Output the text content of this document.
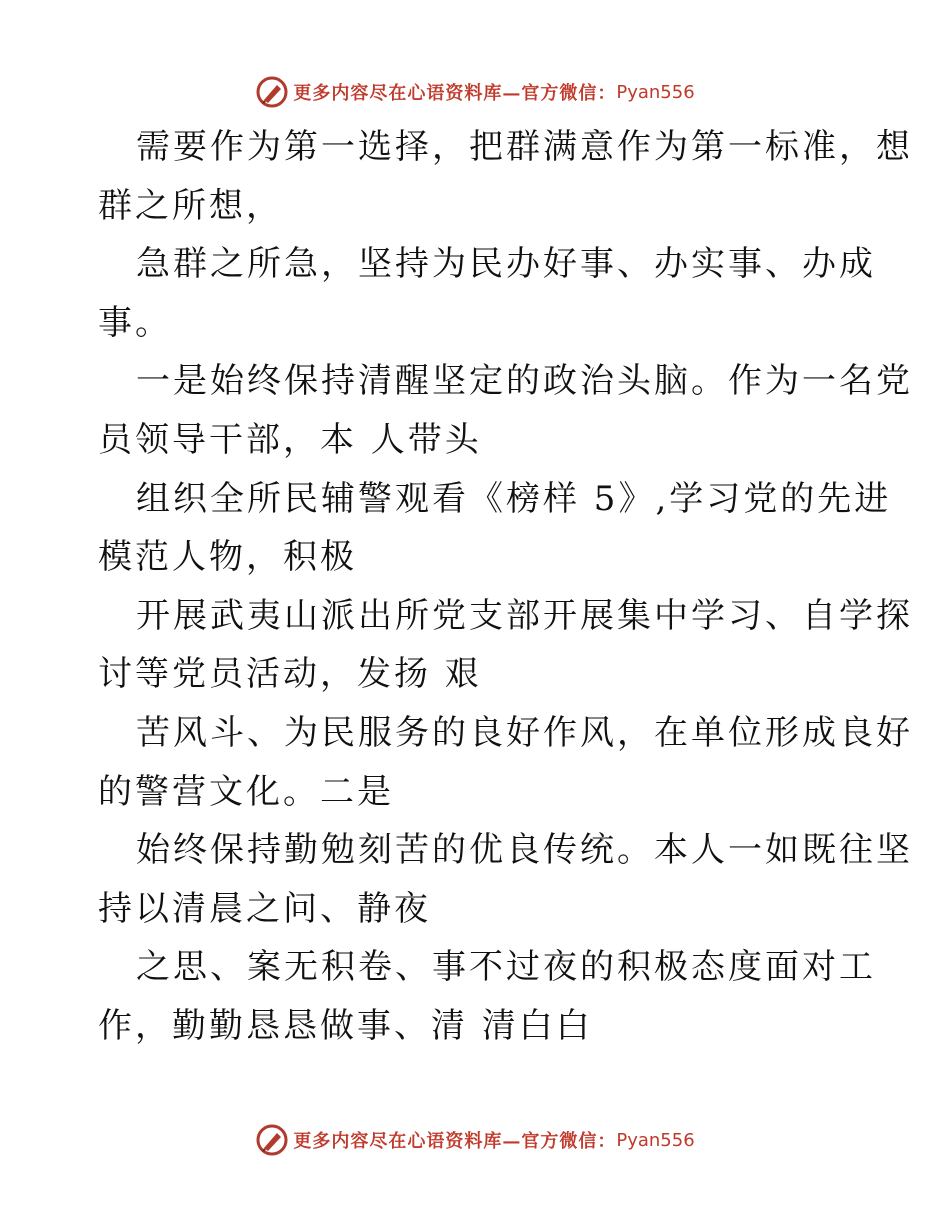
更多内容尽在心语资料库—官方微信： Pyan556
需要作为第一选择，把群满意作为第一标准，想
群之所想，
急群之所急，坚持为民办好事、办实事、办成
事。
一是始终保持清醒坚定的政治头脑。作为一名党
员领导干部，本 人带头
组织全所民辅警观看《榜样 5》,学习党的先进
模范人物，积极
开展武夷山派出所党支部开展集中学习、自学探
讨等党员活动，发扬 艰
苦风斗、为民服务的良好作风，在单位形成良好
的警营文化。二是
始终保持勤勉刻苦的优良传统。本人一如既往坚
持以清晨之问、静夜
之思、案无积卷、事不过夜的积极态度面对工
作，勤勤恳恳做事、清 清白白
更多内容尽在心语资料库—官方微信： Pyan556
